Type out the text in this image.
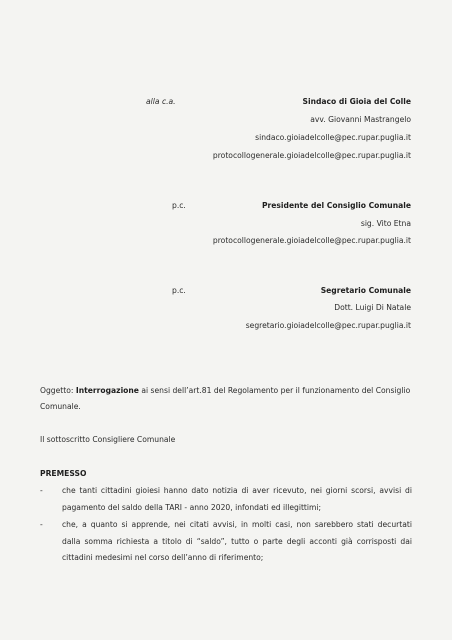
alla c.a.	Sindaco di Gioia del Colle
avv. Giovanni Mastrangelo
sindaco.gioiadelcolle@pec.rupar.puglia.it
protocollogenerale.gioiadelcolle@pec.rupar.puglia.it
p.c.	Presidente del Consiglio Comunale
sig. Vito Etna
protocollogenerale.gioiadelcolle@pec.rupar.puglia.it
p.c.	Segretario Comunale
Dott. Luigi Di Natale
segretario.gioiadelcolle@pec.rupar.puglia.it
Oggetto: Interrogazione ai sensi dell’art.81 del Regolamento per il funzionamento del Consiglio
Comunale.
Il sottoscritto Consigliere Comunale
PREMESSO
-	che tanti cittadini gioiesi hanno dato notizia di aver ricevuto, nei giorni scorsi, avvisi di
pagamento del saldo della TARI - anno 2020, infondati ed illegittimi;
-	che, a quanto si apprende, nei citati avvisi, in molti casi, non sarebbero stati decurtati
dalla somma richiesta a titolo di “saldo”, tutto o parte degli acconti già corrisposti dai
cittadini medesimi nel corso dell’anno di riferimento;
